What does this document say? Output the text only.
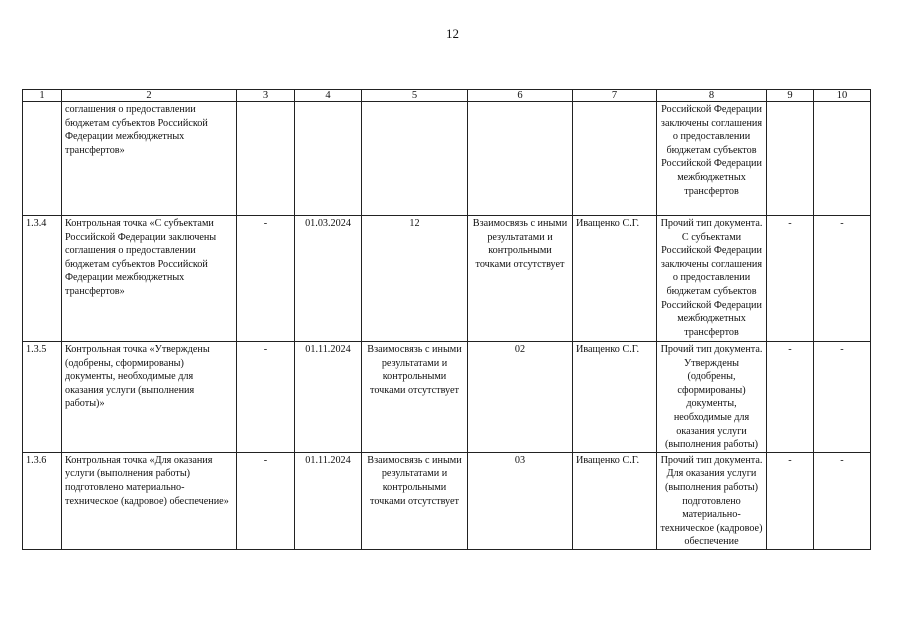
12
1	2	3	4	5	6	7	8	9	10
	соглашения о предоставлении бюджетам субъектов Российской Федерации межбюджетных трансфертов»						Российской Федерации заключены соглашения о предоставлении бюджетам субъектов Российской Федерации межбюджетных трансфертов		
1.3.4	Контрольная точка «С субъектами Российской Федерации заключены соглашения о предоставлении бюджетам субъектов Российской Федерации межбюджетных трансфертов»	-	01.03.2024	12	Взаимосвязь с иными результатами и контрольными точками отсутствует	Иващенко С.Г.	Прочий тип документа. С субъектами Российской Федерации заключены соглашения о предоставлении бюджетам субъектов Российской Федерации межбюджетных трансфертов	-	-
1.3.5	Контрольная точка «Утверждены (одобрены, сформированы) документы, необходимые для оказания услуги (выполнения работы)»	-	01.11.2024	Взаимосвязь с иными результатами и контрольными точками отсутствует	02	Иващенко С.Г.	Прочий тип документа. Утверждены (одобрены, сформированы) документы, необходимые для оказания услуги (выполнения работы)	-	-
1.3.6	Контрольная точка «Для оказания услуги (выполнения работы) подготовлено материально-техническое (кадровое) обеспечение»	-	01.11.2024	Взаимосвязь с иными результатами и контрольными точками отсутствует	03	Иващенко С.Г.	Прочий тип документа. Для оказания услуги (выполнения работы) подготовлено материально-техническое (кадровое) обеспечение	-	-
